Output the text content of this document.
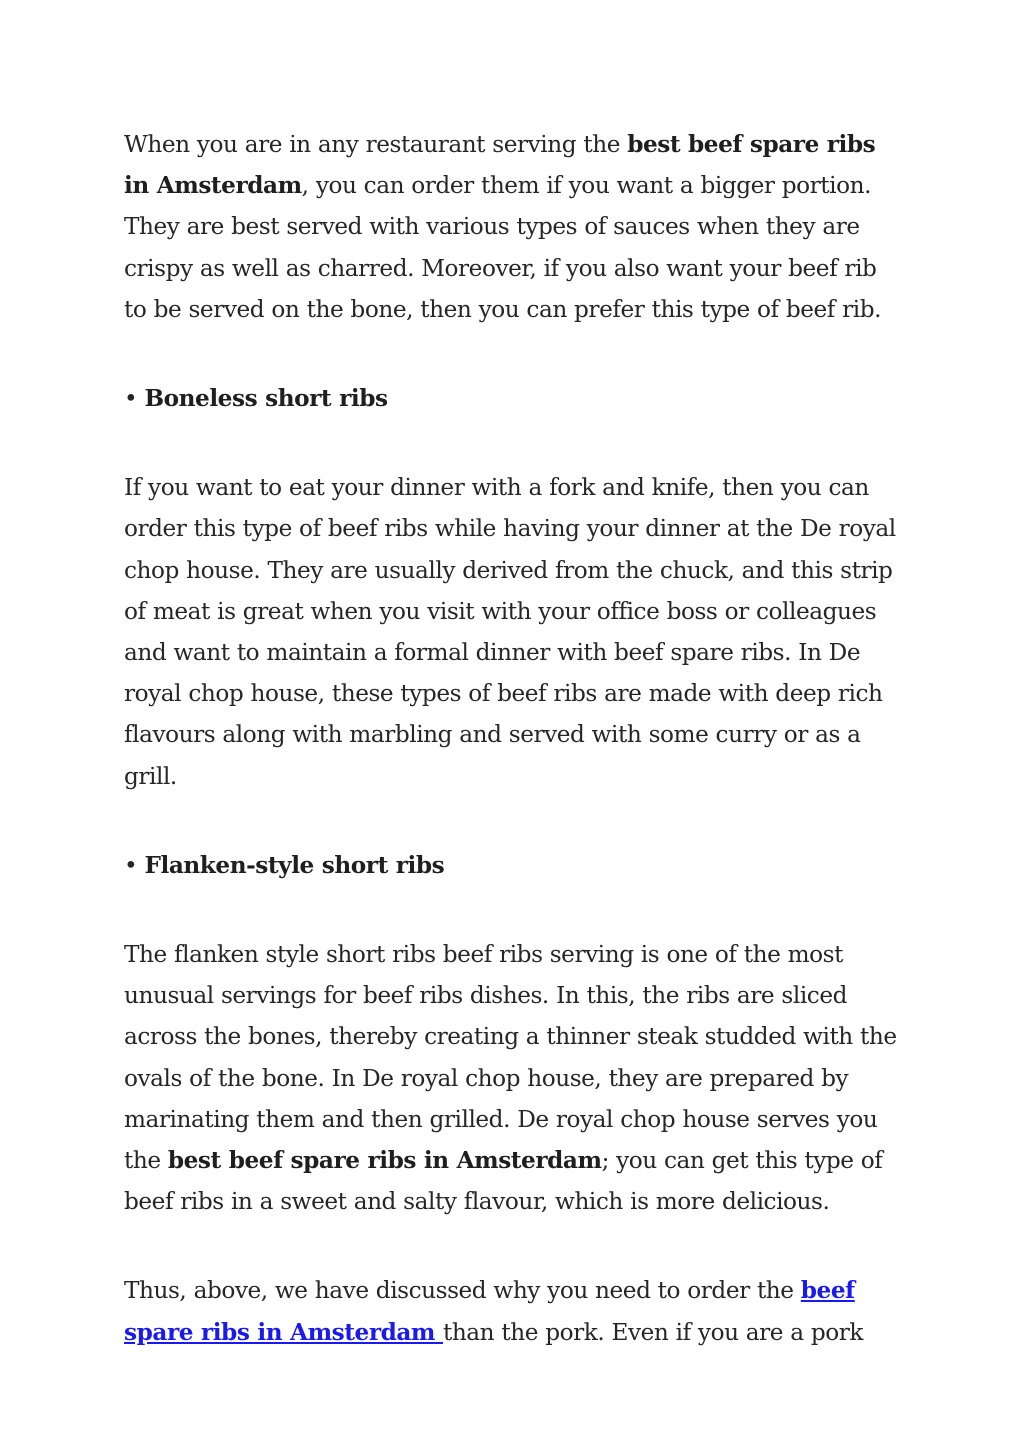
When you are in any restaurant serving the best beef spare ribs in Amsterdam, you can order them if you want a bigger portion. They are best served with various types of sauces when they are crispy as well as charred. Moreover, if you also want your beef rib to be served on the bone, then you can prefer this type of beef rib.

• Boneless short ribs

If you want to eat your dinner with a fork and knife, then you can order this type of beef ribs while having your dinner at the De royal chop house. They are usually derived from the chuck, and this strip of meat is great when you visit with your office boss or colleagues and want to maintain a formal dinner with beef spare ribs. In De royal chop house, these types of beef ribs are made with deep rich flavours along with marbling and served with some curry or as a grill.

• Flanken-style short ribs

The flanken style short ribs beef ribs serving is one of the most unusual servings for beef ribs dishes. In this, the ribs are sliced across the bones, thereby creating a thinner steak studded with the ovals of the bone. In De royal chop house, they are prepared by marinating them and then grilled. De royal chop house serves you the best beef spare ribs in Amsterdam; you can get this type of beef ribs in a sweet and salty flavour, which is more delicious.

Thus, above, we have discussed why you need to order the beef spare ribs in Amsterdam than the pork. Even if you are a pork
